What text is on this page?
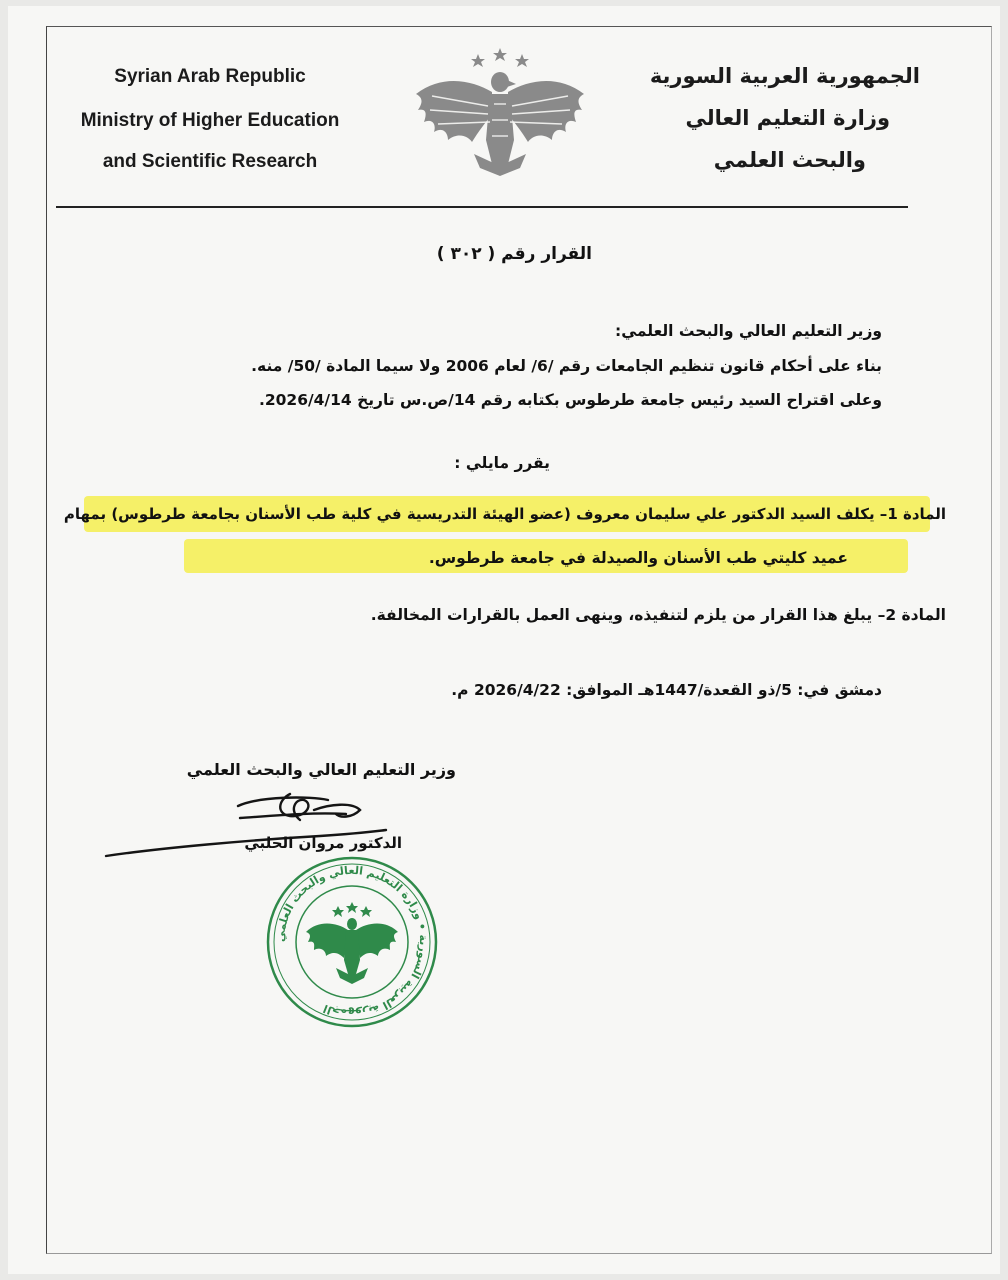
Syrian Arab Republic
Ministry of Higher Education
and Scientific Research
الجمهورية العربية السورية
وزارة التعليم العالي
والبحث العلمي
القرار رقم ( ٣٠٢ )
وزير التعليم العالي والبحث العلمي:
بناء على أحكام قانون تنظيم الجامعات رقم /6/ لعام 2006 ولا سيما المادة /50/ منه.
وعلى اقتراح السيد رئيس جامعة طرطوس بكتابه رقم 14/ص.س تاريخ 2026/4/14.
يقرر مايلي :
المادة 1– يكلف السيد الدكتور علي سليمان معروف (عضو الهيئة التدريسية في كلية طب الأسنان بجامعة طرطوس) بمهام
عميد كليتي طب الأسنان والصيدلة في جامعة طرطوس.
المادة 2– يبلغ هذا القرار من يلزم لتنفيذه، وينهى العمل بالقرارات المخالفة.
دمشق في: 5/ذو القعدة/1447هـ الموافق: 2026/4/22 م.
وزير التعليم العالي والبحث العلمي
الدكتور مروان الحلبي
الجمهورية العربية السورية • وزارة التعليم العالي والبحث العلمي
